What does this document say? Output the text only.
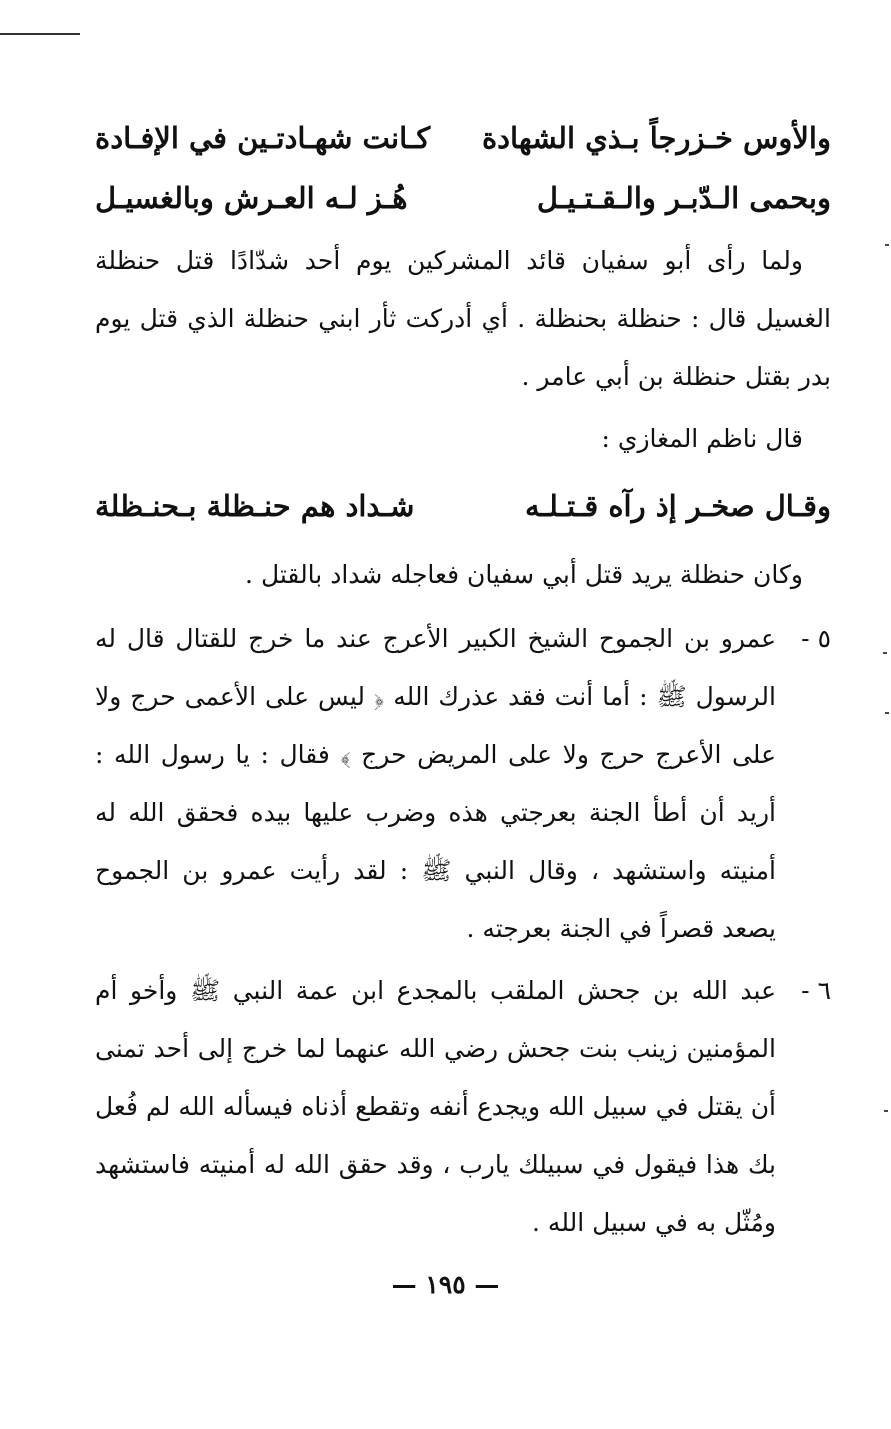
والأوس خـزرجاً بـذي الشهادة
كـانت شهـادتـين في الإفـادة
وبحمى الـدّبـر والـقـتـيـل
هُـز لـه العـرش وبالغسيـل
ولما رأى أبو سفيان قائد المشركين يوم أحد شدّادًا قتل حنظلة الغسيل قال : حنظلة بحنظلة . أي أدركت ثأر ابني حنظلة الذي قتل يوم بدر بقتل حنظلة بن أبي عامر .
قال ناظم المغازي :
وقـال صخـر إذ رآه قـتـلـه
شـداد هم حنـظلة بـحنـظلة
وكان حنظلة يريد قتل أبي سفيان فعاجله شداد بالقتل .
٥ -
عمرو بن الجموح الشيخ الكبير الأعرج عند ما خرج للقتال قال له الرسول ﷺ : أما أنت فقد عذرك الله ﴿ ليس على الأعمى حرج ولا على الأعرج حرج ولا على المريض حرج ﴾ فقال : يا رسول الله : أريد أن أطأ الجنة بعرجتي هذه وضرب عليها بيده فحقق الله له أمنيته واستشهد ، وقال النبي ﷺ : لقد رأيت عمرو بن الجموح يصعد قصراً في الجنة بعرجته .
٦ -
عبد الله بن جحش الملقب بالمجدع ابن عمة النبي ﷺ وأخو أم المؤمنين زينب بنت جحش رضي الله عنهما لما خرج إلى أحد تمنى أن يقتل في سبيل الله ويجدع أنفه وتقطع أذناه فيسأله الله لم فُعل بك هذا فيقول في سبيلك يارب ، وقد حقق الله له أمنيته فاستشهد ومُثّل به في سبيل الله .
— ١٩٥ —
